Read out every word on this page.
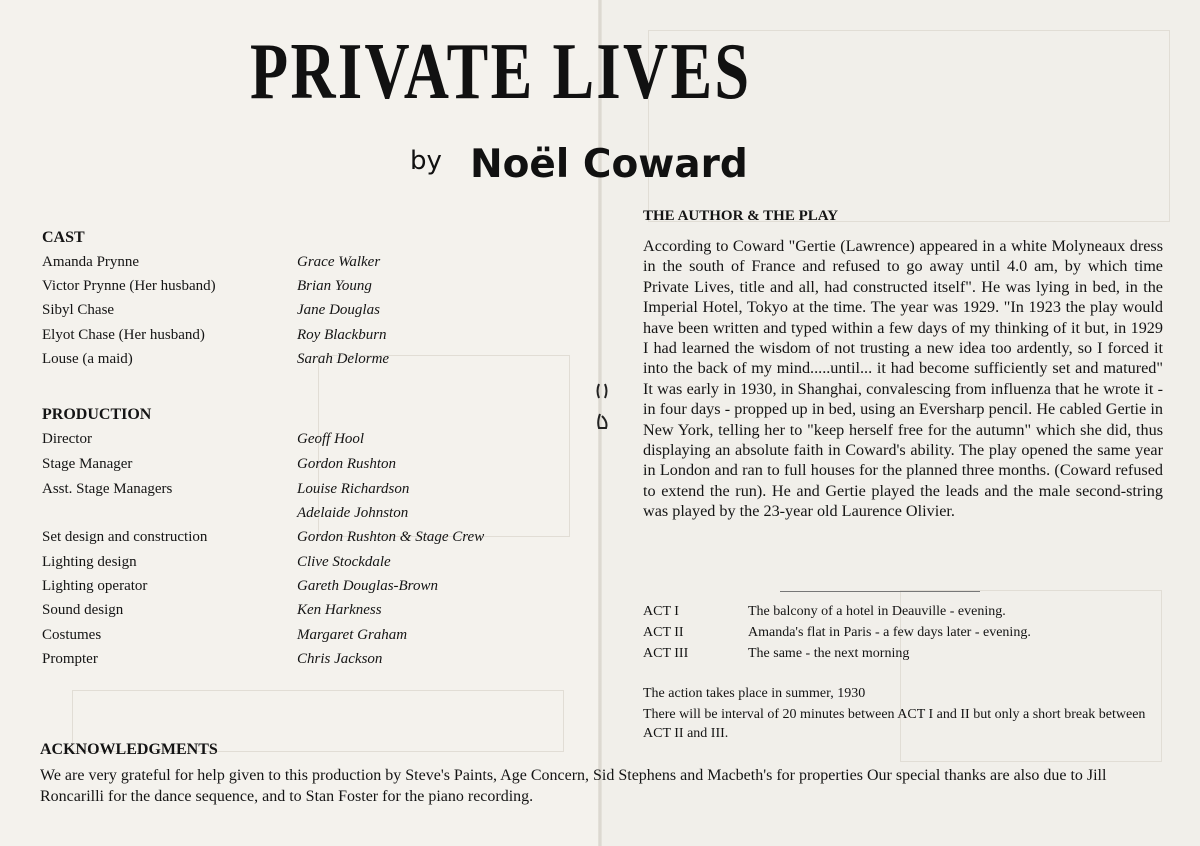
PRIVATE LIVES
by Noël Coward
CAST
Amanda Prynne	Grace Walker
Victor Prynne (Her husband)	Brian Young
Sibyl Chase	Jane Douglas
Elyot Chase (Her husband)	Roy Blackburn
Louse (a maid)	Sarah Delorme
PRODUCTION
Director	Geoff Hool
Stage Manager	Gordon Rushton
Asst. Stage Managers	Louise Richardson
Adelaide Johnston
Set design and construction	Gordon Rushton & Stage Crew
Lighting design	Clive Stockdale
Lighting operator	Gareth Douglas-Brown
Sound design	Ken Harkness
Costumes	Margaret Graham
Prompter	Chris Jackson
ACKNOWLEDGMENTS
We are very grateful for help given to this production by Steve's Paints, Age Concern, Sid Stephens and Macbeth's for properties Our special thanks are also due to Jill Roncarilli for the dance sequence, and to Stan Foster for the piano recording.
THE AUTHOR & THE PLAY
According to Coward "Gertie (Lawrence) appeared in a white Molyneaux dress in the south of France and refused to go away until 4.0 am, by which time Private Lives, title and all, had constructed itself". He was lying in bed, in the Imperial Hotel, Tokyo at the time. The year was 1929. "In 1923 the play would have been written and typed within a few days of my thinking of it but, in 1929 I had learned the wisdom of not trusting a new idea too ardently, so I forced it into the back of my mind.....until... it had become sufficiently set and matured" It was early in 1930, in Shanghai, convalescing from influenza that he wrote it - in four days - propped up in bed, using an Eversharp pencil. He cabled Gertie in New York, telling her to "keep herself free for the autumn" which she did, thus displaying an absolute faith in Coward's ability. The play opened the same year in London and ran to full houses for the planned three months. (Coward refused to extend the run). He and Gertie played the leads and the male second-string was played by the 23-year old Laurence Olivier.
ACT I	The balcony of a hotel in Deauville - evening.
ACT II	Amanda's flat in Paris - a few days later - evening.
ACT III	The same - the next morning
The action takes place in summer, 1930
There will be interval of 20 minutes between ACT I and II but only a short break between ACT II and III.
